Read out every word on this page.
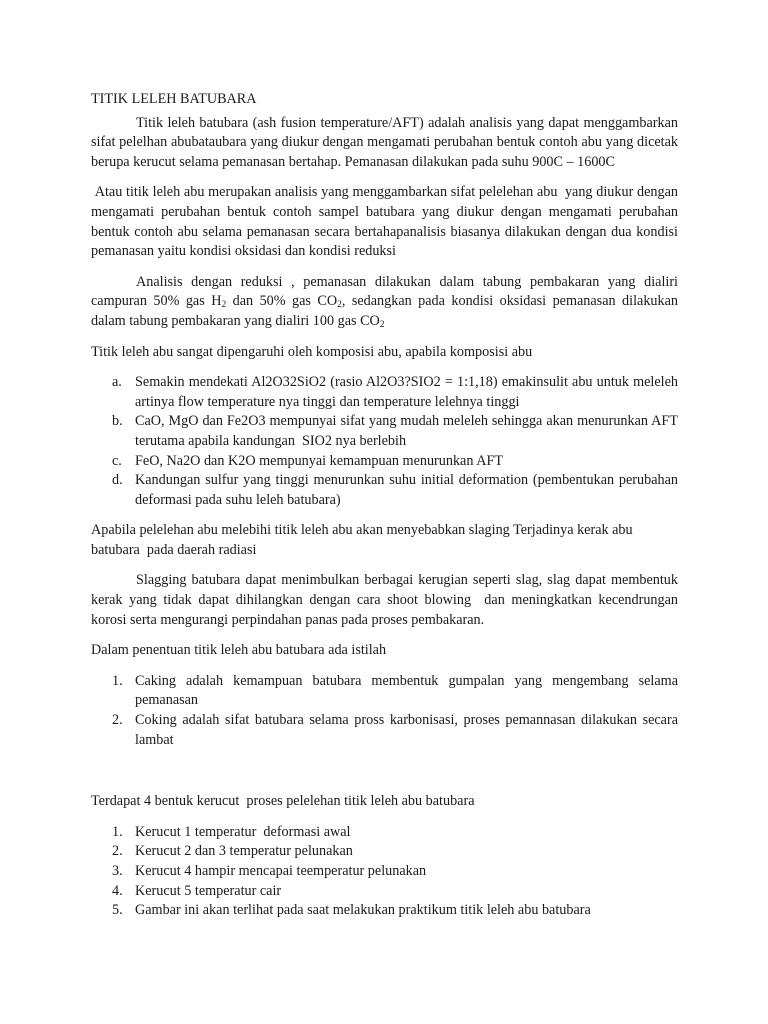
TITIK LELEH BATUBARA

Titik leleh batubara (ash fusion temperature/AFT) adalah analisis yang dapat menggambarkan sifat pelelhan abubataubara yang diukur dengan mengamati perubahan bentuk contoh abu yang dicetak berupa kerucut selama pemanasan bertahap. Pemanasan dilakukan pada suhu 900C – 1600C

Atau titik leleh abu merupakan analisis yang menggambarkan sifat pelelehan abu  yang diukur dengan mengamati perubahan bentuk contoh sampel batubara yang diukur dengan mengamati perubahan bentuk contoh abu selama pemanasan secara bertahapanalisis biasanya dilakukan dengan dua kondisi pemanasan yaitu kondisi oksidasi dan kondisi reduksi

Analisis dengan reduksi , pemanasan dilakukan dalam tabung pembakaran yang dialiri campuran 50% gas $H_2$ dan 50% gas $CO_2$, sedangkan pada kondisi oksidasi pemanasan dilakukan dalam tabung pembakaran yang dialiri 100 gas $CO_2$

Titik leleh abu sangat dipengaruhi oleh komposisi abu, apabila komposisi abu

a. Semakin mendekati Al2O32SiO2 (rasio Al2O3?SIO2 = 1:1,18) emakinsulit abu untuk meleleh artinya flow temperature nya tinggi dan temperature lelehnya tinggi
b. CaO, MgO dan Fe2O3 mempunyai sifat yang mudah meleleh sehingga akan menurunkan AFT terutama apabila kandungan  SIO2 nya berlebih
c. FeO, Na2O dan K2O mempunyai kemampuan menurunkan AFT
d. Kandungan sulfur yang tinggi menurunkan suhu initial deformation (pembentukan perubahan deformasi pada suhu leleh batubara)

Apabila pelelehan abu melebihi titik leleh abu akan menyebabkan slaging Terjadinya kerak abu batubara  pada daerah radiasi

Slagging batubara dapat menimbulkan berbagai kerugian seperti slag, slag dapat membentuk kerak yang tidak dapat dihilangkan dengan cara shoot blowing  dan meningkatkan kecendrungan korosi serta mengurangi perpindahan panas pada proses pembakaran.

Dalam penentuan titik leleh abu batubara ada istilah

1. Caking adalah kemampuan batubara membentuk gumpalan yang mengembang selama pemanasan
2. Coking adalah sifat batubara selama pross karbonisasi, proses pemannasan dilakukan secara lambat

Terdapat 4 bentuk kerucut  proses pelelehan titik leleh abu batubara

1. Kerucut 1 temperatur  deformasi awal
2. Kerucut 2 dan 3 temperatur pelunakan
3. Kerucut 4 hampir mencapai teemperatur pelunakan
4. Kerucut 5 temperatur cair
5. Gambar ini akan terlihat pada saat melakukan praktikum titik leleh abu batubara
